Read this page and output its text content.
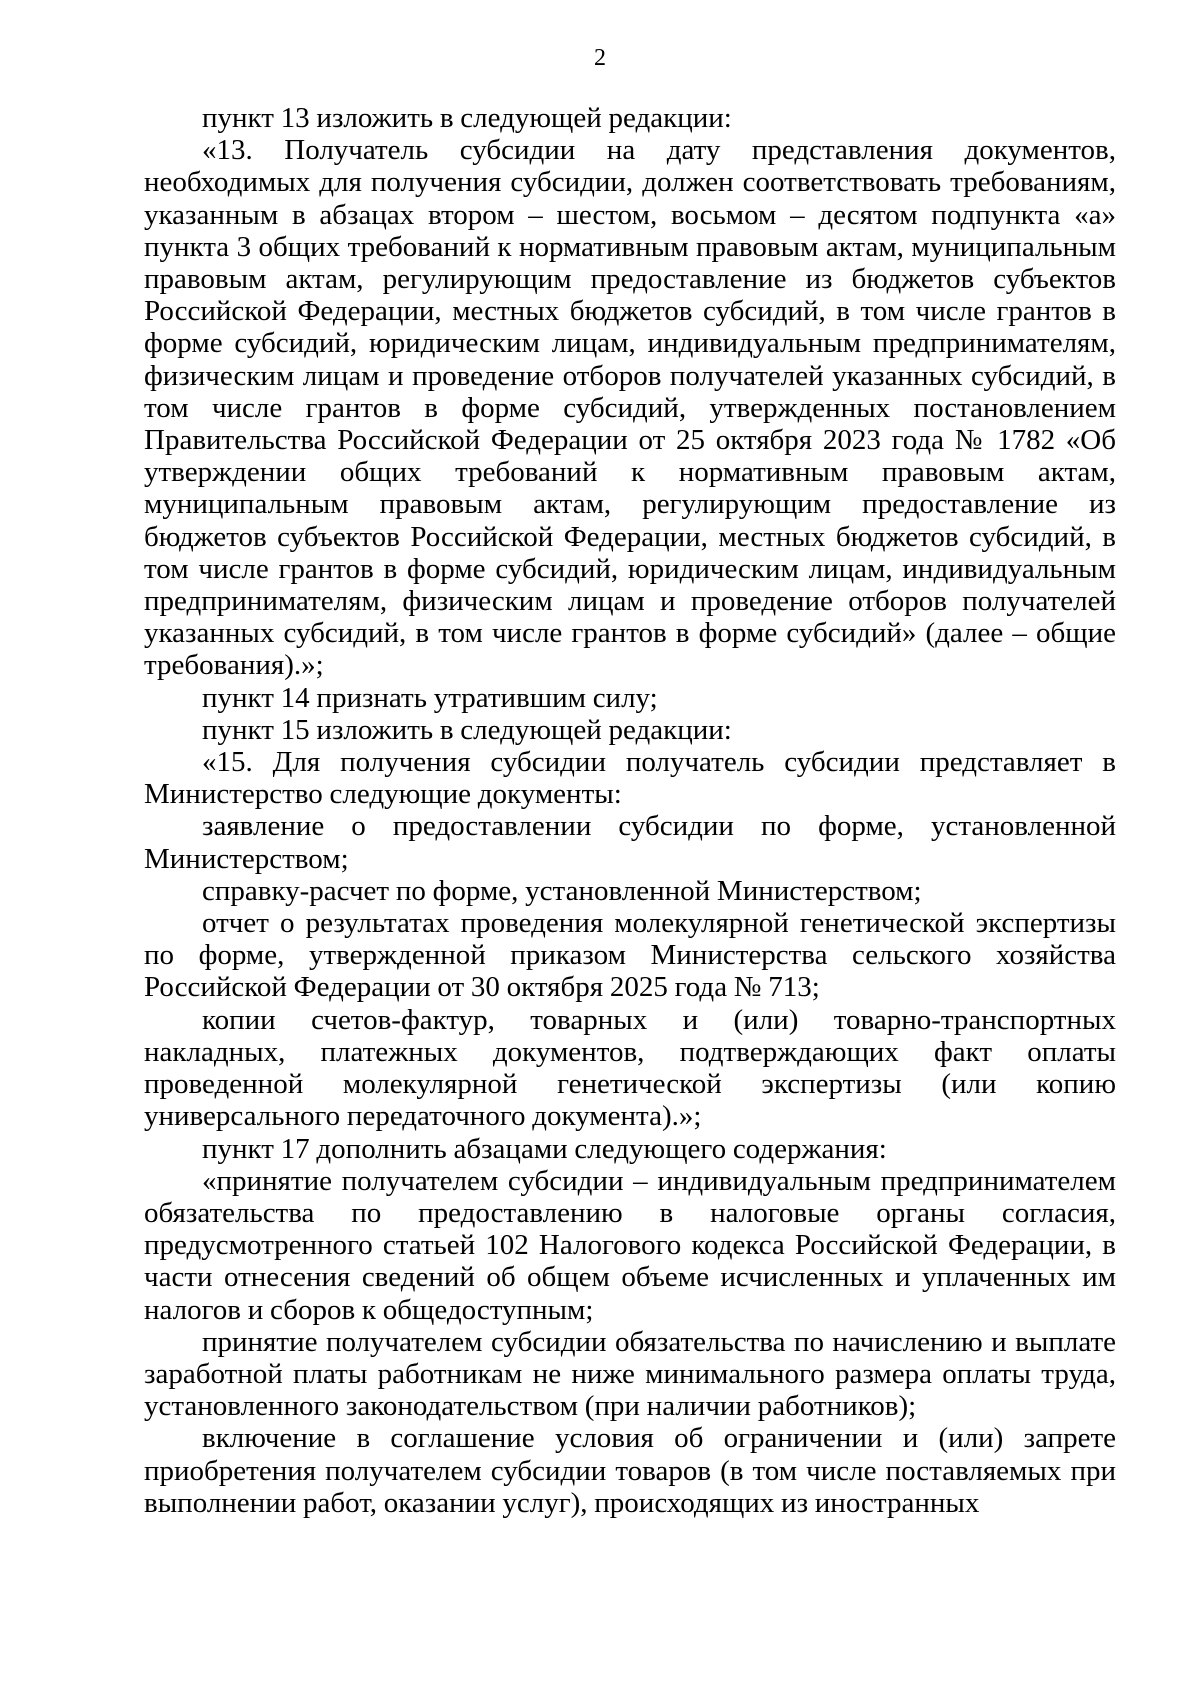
2

пункт 13 изложить в следующей редакции:

«13. Получатель субсидии на дату представления документов, необходимых для получения субсидии, должен соответствовать требованиям, указанным в абзацах втором – шестом, восьмом – десятом подпункта «а» пункта 3 общих требований к нормативным правовым актам, муниципальным правовым актам, регулирующим предоставление из бюджетов субъектов Российской Федерации, местных бюджетов субсидий, в том числе грантов в форме субсидий, юридическим лицам, индивидуальным предпринимателям, физическим лицам и проведение отборов получателей указанных субсидий, в том числе грантов в форме субсидий, утвержденных постановлением Правительства Российской Федерации от 25 октября 2023 года № 1782 «Об утверждении общих требований к нормативным правовым актам, муниципальным правовым актам, регулирующим предоставление из бюджетов субъектов Российской Федерации, местных бюджетов субсидий, в том числе грантов в форме субсидий, юридическим лицам, индивидуальным предпринимателям, физическим лицам и проведение отборов получателей указанных субсидий, в том числе грантов в форме субсидий» (далее – общие требования).»;

пункт 14 признать утратившим силу;

пункт 15 изложить в следующей редакции:

«15. Для получения субсидии получатель субсидии представляет в Министерство следующие документы:

заявление о предоставлении субсидии по форме, установленной Министерством;

справку-расчет по форме, установленной Министерством;

отчет о результатах проведения молекулярной генетической экспертизы по форме, утвержденной приказом Министерства сельского хозяйства Российской Федерации от 30 октября 2025 года № 713;

копии счетов-фактур, товарных и (или) товарно-транспортных накладных, платежных документов, подтверждающих факт оплаты проведенной молекулярной генетической экспертизы (или копию универсального передаточного документа).»;

пункт 17 дополнить абзацами следующего содержания:

«принятие получателем субсидии – индивидуальным предпринимателем обязательства по предоставлению в налоговые органы согласия, предусмотренного статьей 102 Налогового кодекса Российской Федерации, в части отнесения сведений об общем объеме исчисленных и уплаченных им налогов и сборов к общедоступным;

принятие получателем субсидии обязательства по начислению и выплате заработной платы работникам не ниже минимального размера оплаты труда, установленного законодательством (при наличии работников);

включение в соглашение условия об ограничении и (или) запрете приобретения получателем субсидии товаров (в том числе поставляемых при выполнении работ, оказании услуг), происходящих из иностранных
